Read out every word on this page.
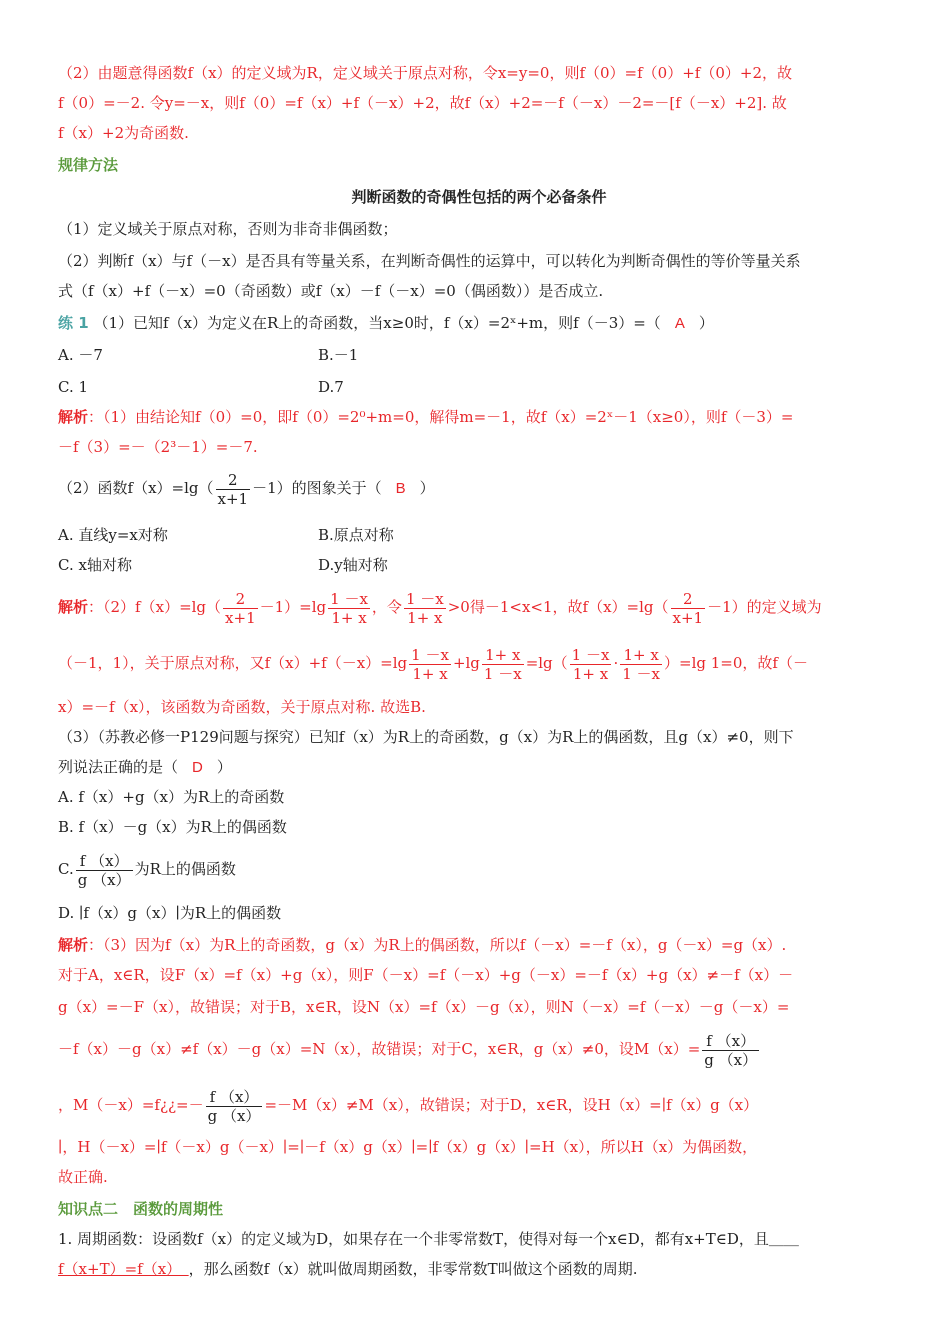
（2）由题意得函数f（x）的定义域为R，定义域关于原点对称，令x=y=0，则f（0）=f（0）+f（0）+2，故
f（0）=－2. 令y=－x，则f（0）=f（x）+f（－x）+2，故f（x）+2=－f（－x）－2=－[f（－x）+2]. 故
f（x）+2为奇函数.
规律方法
判断函数的奇偶性包括的两个必备条件
（1）定义域关于原点对称，否则为非奇非偶函数；
（2）判断f（x）与f（－x）是否具有等量关系，在判断奇偶性的运算中，可以转化为判断奇偶性的等价等量关系
式（f（x）+f（－x）=0（奇函数）或f（x）－f（－x）=0（偶函数））是否成立.
练 1 （1）已知f（x）为定义在R上的奇函数，当x≥0时，f（x）=2ˣ+m，则f（－3）=（ A ）
A. －7	B.－1
C. 1	D.7
解析：（1）由结论知f（0）=0，即f（0）=2⁰+m=0，解得m=－1，故f（x）=2ˣ－1（x≥0），则f（－3）=
－f（3）=－（2³－1）=－7.
（2）函数$f(x)=\lg( \frac{2}{x+1} -1)$的图象关于（ B ）
A. 直线y=x对称	B.原点对称
C. x轴对称	D.y轴对称
解析：$(2)f(x)=\lg( \frac{2}{x+1} -1)=\lg \frac{1 -x}{1+ x}$ ，令 $\frac{1 -x}{1+ x} >0$得－1<x<1，故$f(x)=\lg( \frac{2}{x+1} -1)$的定义域为
（－1，1），关于原点对称，又$f(x)+f(-x)=\lg \frac{1 -x}{1+ x} +\lg \frac{1+ x}{1 -x} =\lg( \frac{1 -x}{1+ x} \cdot \frac{1+ x}{1 -x} )=\lg$ 1=0，故f（－
x）=－f（x），该函数为奇函数，关于原点对称. 故选B.
（3）（苏教必修一P129问题与探究）已知f（x）为R上的奇函数，g（x）为R上的偶函数，且g（x）≠0，则下
列说法正确的是（ D ）
A. f（x）+g（x）为R上的奇函数
B. f（x）－g（x）为R上的偶函数
C. $\frac{f (x)}{g (x)}$ 为R上的偶函数
D. ∣f（x）g（x）∣为R上的偶函数
解析：（3）因为f（x）为R上的奇函数，g（x）为R上的偶函数，所以f（－x）=－f（x），g（－x）=g（x）.
对于A，x∈R，设F（x）=f（x）+g（x），则F（－x）=f（－x）+g（－x）=－f（x）+g（x）≠－f（x）－
g（x）=－F（x），故错误；对于B，x∈R，设N（x）=f（x）－g（x），则N（－x）=f（－x）－g（－x）=
－f（x）－g（x）≠f（x）－g（x）=N（x），故错误；对于C，x∈R，g（x）≠0，设$M(x)= \frac{f (x)}{g (x)}$
，M（－x）=f¿¿=－ $\frac{f (x)}{g (x)} =-M(x)\ne M(x)$，故错误；对于D，x∈R，设H（x）=∣f（x）g（x）
∣，H（－x）=∣f（－x）g（－x）∣=∣－f（x）g（x）∣=∣f（x）g（x）∣=H（x），所以H（x）为偶函数，
故正确.
知识点二　函数的周期性
1. 周期函数：设函数f（x）的定义域为D，如果存在一个非零常数T，使得对每一个x∈D，都有x+T∈D，且＿＿
f（x+T）=f（x）　，那么函数f（x）就叫做周期函数，非零常数T叫做这个函数的周期.
